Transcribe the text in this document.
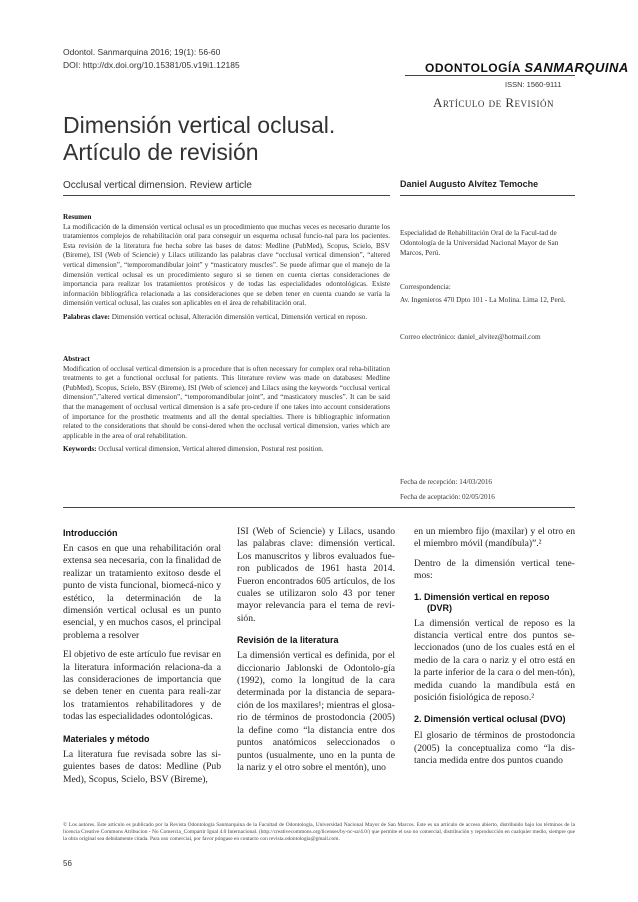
Odontol. Sanmarquina 2016; 19(1): 56-60
DOI: http://dx.doi.org/10.15381/05.v19i1.12185	ODONTOLOGÍA SANMARQUINA
ISSN: 1560-9111
Artículo de Revisión
Dimensión vertical oclusal.
Artículo de revisión
Occlusal vertical dimension. Review article	Daniel Augusto Alvítez Temoche
Resumen
La modificación de la dimensión vertical oclusal es un procedimiento que muchas veces es necesario durante los tratamientos complejos de rehabilitación oral para conseguir un esquema oclusal funcio-nal para los pacientes. Esta revisión de la literatura fue hecha sobre las bases de datos: Medline (PubMed), Scopus, Scielo, BSV (Bireme), ISI (Web of Sciencie) y Lilacs utilizando las palabras clave “occlusal vertical dimension”, “altered vertical dimension”, “temporomandibular joint” y “masticatory muscles”. Se puede afirmar que el manejo de la dimensión vertical oclusal es un procedimiento seguro si se tienen en cuenta ciertas consideraciones de importancia para realizar los tratamientos protésicos y de todas las especialidades odontológicas. Existe información bibliográfica relacionada a las consideraciones que se deben tener en cuenta cuando se varía la dimensión vertical oclusal, las cuales son aplicables en el área de rehabilitación oral.
Palabras clave: Dimensión vertical oclusal, Alteración dimensión vertical, Dimensión vertical en reposo.
Abstract
Modification of occlusal vertical dimension is a procedure that is often necessary for complex oral reha-bilitation treatments to get a functional occlusal for patients. This literature review was made on databases: Medline (PubMed), Scopus, Scielo, BSV (Bireme), ISI (Web of science) and Lilacs using the keywords “occlusal vertical dimension”,”altered vertical dimension”, “temporomandibular joint”, and “masticatory muscles”. It can be said that the management of occlusal vertical dimension is a safe pro-cedure if one takes into account considerations of importance for the prosthetic treatments and all the dental specialties. There is bibliographic information related to the considerations that should be consi-dered when the occlusal vertical dimension, varies which are applicable in the area of oral rehabilitation.
Keywords: Occlusal vertical dimension, Vertical altered dimension, Postural rest position.
Especialidad de Rehabilitación Oral de la Facul-tad de Odontología de la Universidad Nacional Mayor de San Marcos, Perú.
Correspondencia:
Av. Ingenieros 470 Dpto 101 - La Molina. Lima 12, Perú.
Correo electrónico: daniel_alvitez@hotmail.com
Fecha de recepción: 14/03/2016
Fecha de aceptación: 02/05/2016
Introducción

En casos en que una rehabilitación oral extensa sea necesaria, con la finalidad de realizar un tratamiento exitoso desde el punto de vista funcional, biomecá-nico y estético, la determinación de la dimensión vertical oclusal es un punto esencial, y en muchos casos, el principal problema a resolver

El objetivo de este artículo fue revisar en la literatura información relaciona-da a las consideraciones de importancia que se deben tener en cuenta para reali-zar los tratamientos rehabilitadores y de todas las especialidades odontológicas.

Materiales y método

La literatura fue revisada sobre las si-guientes bases de datos: Medline (Pub Med), Scopus, Scielo, BSV (Bireme),

ISI (Web of Sciencie) y Lilacs, usando las palabras clave: dimensión vertical. Los manuscritos y libros evaluados fue-ron publicados de 1961 hasta 2014. Fueron encontrados 605 artículos, de los cuales se utilizaron solo 43 por tener mayor relevancia para el tema de revi-sión.

Revisión de la literatura

La dimensión vertical es definida, por el diccionario Jablonski de Odontolo-gía (1992), como la longitud de la cara determinada por la distancia de separa-ción de los maxilares¹; mientras el glosa-rio de términos de prostodoncia (2005) la define como “la distancia entre dos puntos anatómicos seleccionados o puntos (usualmente, uno en la punta de la nariz y el otro sobre el mentón), uno

en un miembro fijo (maxilar) y el otro en el miembro móvil (mandíbula)”.²

Dentro de la dimensión vertical tene-mos:

1. Dimensión vertical en reposo
(DVR)

La dimensión vertical de reposo es la distancia vertical entre dos puntos se-leccionados (uno de los cuales está en el medio de la cara o nariz y el otro está en la parte inferior de la cara o del men-tón), medida cuando la mandíbula está en posición fisiológica de reposo.²

2. Dimensión vertical oclusal (DVO)

El glosario de términos de prostodoncia (2005) la conceptualiza como “la dis-tancia medida entre dos puntos cuando

© Los autores. Este artículo es publicado por la Revista Odontología Sanmarquina de la Facultad de Odontología, Universidad Nacional Mayor de San Marcos. Este es un artículo de acceso abierto, distribuido bajo los términos de la licencia Creative Commons Atribucion - No Comercia_Compartir Igual 4.0 Internacional. (http://creativecommons.org/licenses/by-nc-sa/4.0/) que permite el uso no comercial, distribución y reproducción en cualquier medio, siempre que la obra original sea debidamente citada. Para uso comercial, por favor póngase en contacto con revista.odontologia@gmail.com.
56
